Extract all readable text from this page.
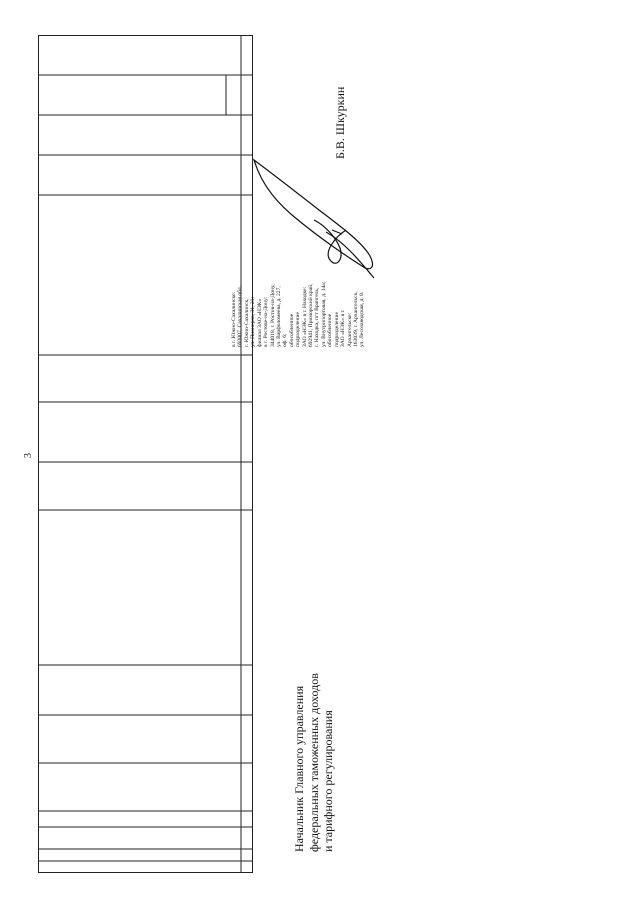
3
в г. Южно-Сахалинске:
693007, Сахалинская обл.,
г. Южно-Сахалинск,
ул. Пионеров, 31, 21;
филиал ЗАО «НЭК»
в г. Ростове-на-Дону:
344018, г. Ростов-на-Дону,
ул. Варфоломеева, д. 227,
оф. 6;
обособленное
подразделение
ЗАО «НЭК» в г. Находке:
692941, Приморский край,
г. Находка, пгт Врангель,
ул. Внутрипортовая, д. 14а;
обособленное
подразделение
ЗАО «НЭК» в г.
Архангельске:
163039, г. Архангельск,
ул. Лесозаводская, д. 8.
Начальник Главного управления
федеральных таможенных доходов
и тарифного регулирования
Б.В. Шкуркин
